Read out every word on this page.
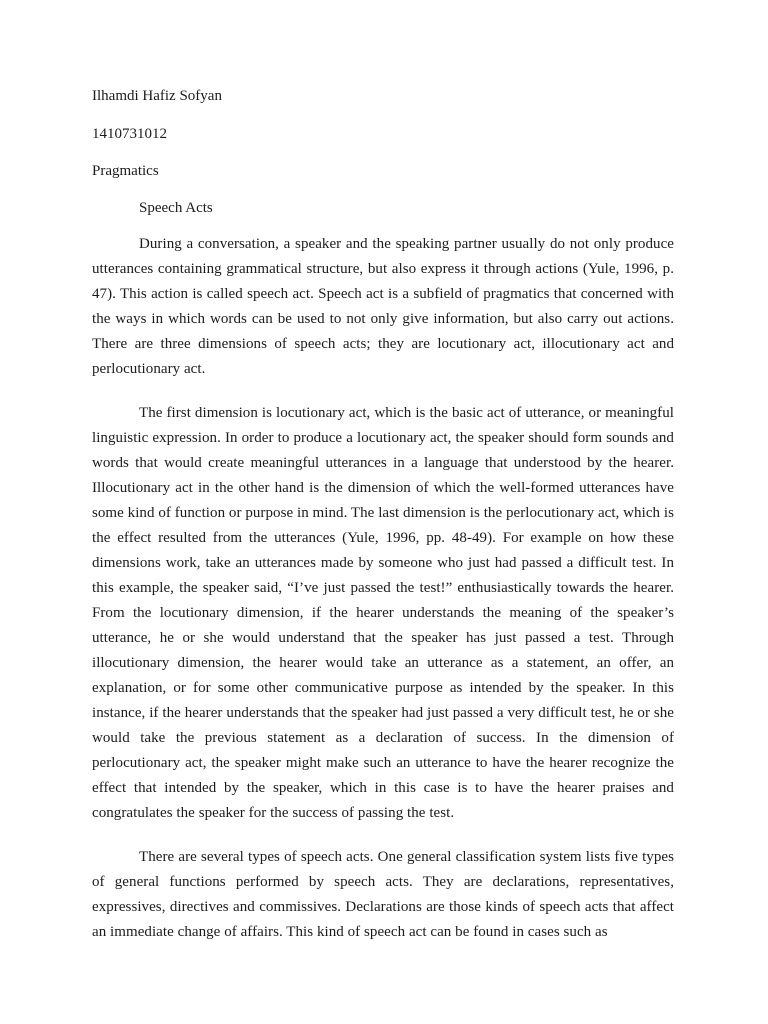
Ilhamdi Hafiz Sofyan

1410731012

Pragmatics

Speech Acts

During a conversation, a speaker and the speaking partner usually do not only produce utterances containing grammatical structure, but also express it through actions (Yule, 1996, p. 47). This action is called speech act. Speech act is a subfield of pragmatics that concerned with the ways in which words can be used to not only give information, but also carry out actions. There are three dimensions of speech acts; they are locutionary act, illocutionary act and perlocutionary act.

The first dimension is locutionary act, which is the basic act of utterance, or meaningful linguistic expression. In order to produce a locutionary act, the speaker should form sounds and words that would create meaningful utterances in a language that understood by the hearer. Illocutionary act in the other hand is the dimension of which the well-formed utterances have some kind of function or purpose in mind. The last dimension is the perlocutionary act, which is the effect resulted from the utterances (Yule, 1996, pp. 48-49). For example on how these dimensions work, take an utterances made by someone who just had passed a difficult test. In this example, the speaker said, “I’ve just passed the test!” enthusiastically towards the hearer. From the locutionary dimension, if the hearer understands the meaning of the speaker’s utterance, he or she would understand that the speaker has just passed a test. Through illocutionary dimension, the hearer would take an utterance as a statement, an offer, an explanation, or for some other communicative purpose as intended by the speaker. In this instance, if the hearer understands that the speaker had just passed a very difficult test, he or she would take the previous statement as a declaration of success. In the dimension of perlocutionary act, the speaker might make such an utterance to have the hearer recognize the effect that intended by the speaker, which in this case is to have the hearer praises and congratulates the speaker for the success of passing the test.

There are several types of speech acts. One general classification system lists five types of general functions performed by speech acts. They are declarations, representatives, expressives, directives and commissives. Declarations are those kinds of speech acts that affect an immediate change of affairs. This kind of speech act can be found in cases such as
